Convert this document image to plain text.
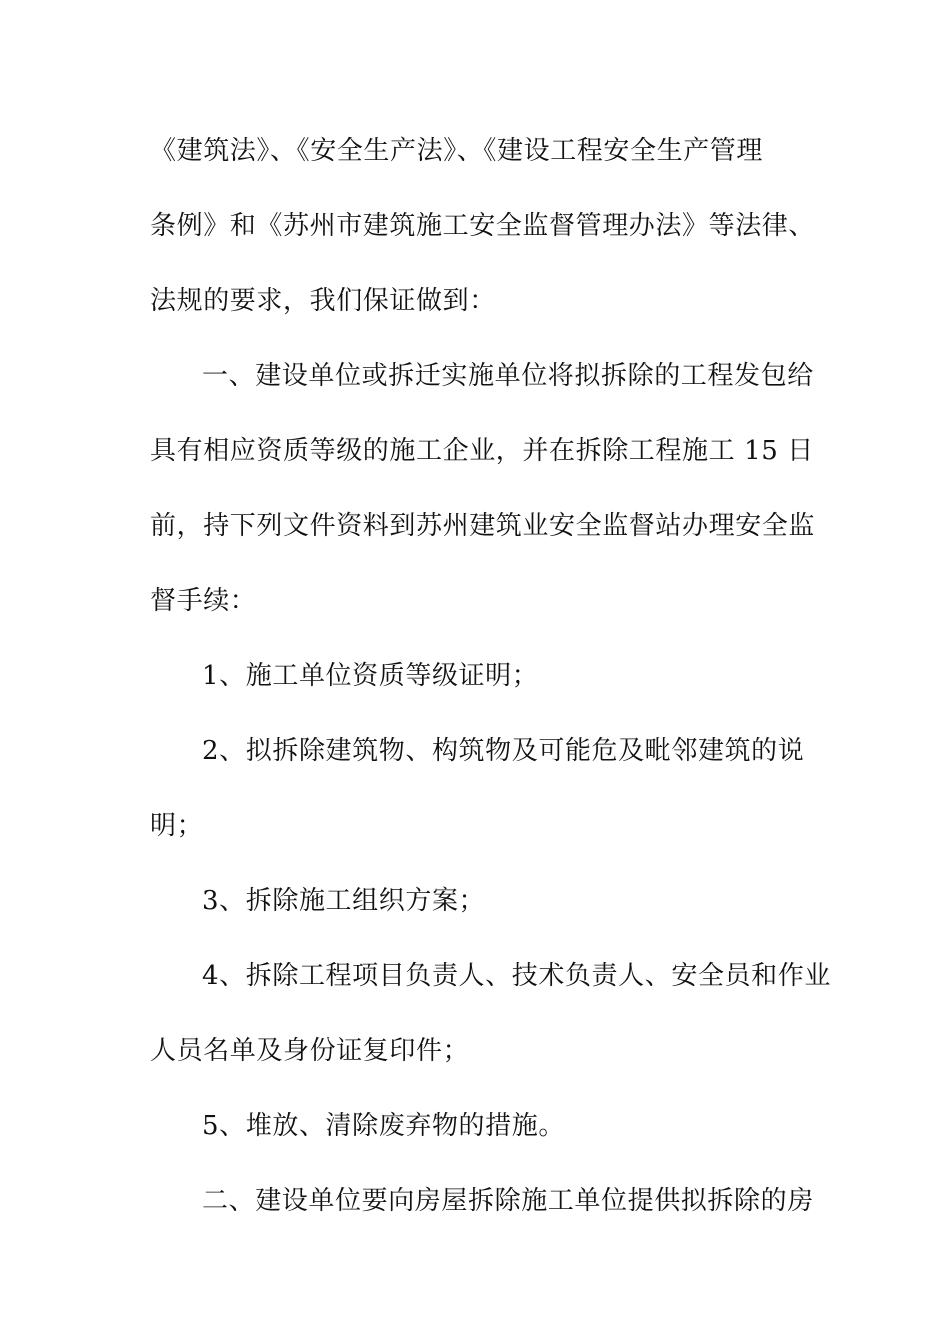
《建筑法》、《安全生产法》、《建设工程安全生产管理
条例》和《苏州市建筑施工安全监督管理办法》等法律、
法规的要求，我们保证做到：
一、建设单位或拆迁实施单位将拟拆除的工程发包给
具有相应资质等级的施工企业，并在拆除工程施工 15 日
前，持下列文件资料到苏州建筑业安全监督站办理安全监
督手续：
1、施工单位资质等级证明；
2、拟拆除建筑物、构筑物及可能危及毗邻建筑的说
明；
3、拆除施工组织方案；
4、拆除工程项目负责人、技术负责人、安全员和作业
人员名单及身份证复印件；
5、堆放、清除废弃物的措施。
二、建设单位要向房屋拆除施工单位提供拟拆除的房
